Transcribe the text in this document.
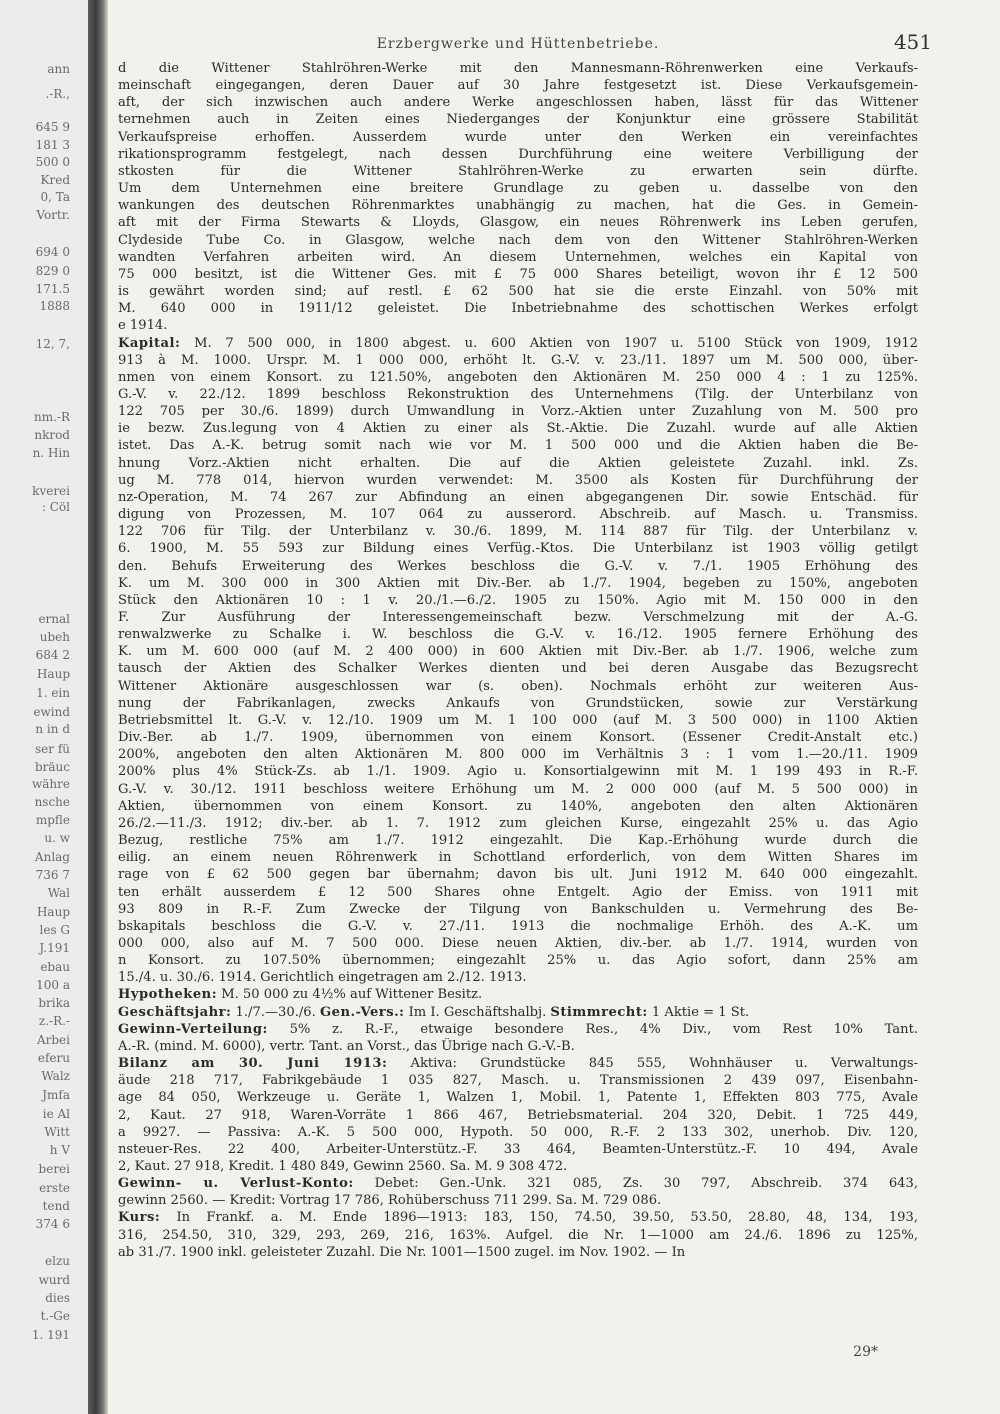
ann
.-R.,
645 9
181 3
500 0
Kred
0, Ta
Vortr.
694 0
829 0
171.5
1888
12, 7,
nm.-R
nkrod
n. Hin
kverei
: Cöl
ernal
ubeh
684 2
Haup
1. ein
ewind
n in d
ser fü
bräuc
währe
nsche
mpfle
u. w
Anlag
736 7
Wal
Haup
les G
J.191
ebau
100 a
brika
z.-R.-
Arbei
eferu
Walz
Jmfa
ie Al
Witt
h V
berei
erste
tend
374 6
elzu
wurd
dies
t.-Ge
1. 191
Erzbergwerke und Hüttenbetriebe.	451

d die Wittener Stahlröhren-Werke mit den Mannesmann-Röhrenwerken eine Verkaufs-
meinschaft eingegangen, deren Dauer auf 30 Jahre festgesetzt ist. Diese Verkaufsgemein-
aft, der sich inzwischen auch andere Werke angeschlossen haben, lässt für das Wittener
ternehmen auch in Zeiten eines Niederganges der Konjunktur eine grössere Stabilität
Verkaufspreise erhoffen. Ausserdem wurde unter den Werken ein vereinfachtes
rikationsprogramm festgelegt, nach dessen Durchführung eine weitere Verbilligung der
stkosten für die Wittener Stahlröhren-Werke zu erwarten sein dürfte.
Um dem Unternehmen eine breitere Grundlage zu geben u. dasselbe von den
wankungen des deutschen Röhrenmarktes unabhängig zu machen, hat die Ges. in Gemein-
aft mit der Firma Stewarts & Lloyds, Glasgow, ein neues Röhrenwerk ins Leben gerufen,
Clydeside Tube Co. in Glasgow, welche nach dem von den Wittener Stahlröhren-Werken
wandten Verfahren arbeiten wird. An diesem Unternehmen, welches ein Kapital von
75 000 besitzt, ist die Wittener Ges. mit £ 75 000 Shares beteiligt, wovon ihr £ 12 500
is gewährt worden sind; auf restl. £ 62 500 hat sie die erste Einzahl. von 50% mit
M. 640 000 in 1911/12 geleistet. Die Inbetriebnahme des schottischen Werkes erfolgt
e 1914.

Kapital: M. 7 500 000, in 1800 abgest. u. 600 Aktien von 1907 u. 5100 Stück von 1909, 1912
913 à M. 1000. Urspr. M. 1 000 000, erhöht lt. G.-V. v. 23./11. 1897 um M. 500 000, über-
nmen von einem Konsort. zu 121.50%, angeboten den Aktionären M. 250 000 4 : 1 zu 125%.
G.-V. v. 22./12. 1899 beschloss Rekonstruktion des Unternehmens (Tilg. der Unterbilanz von
122 705 per 30./6. 1899) durch Umwandlung in Vorz.-Aktien unter Zuzahlung von M. 500 pro
ie bezw. Zus.legung von 4 Aktien zu einer als St.-Aktie. Die Zuzahl. wurde auf alle Aktien
istet. Das A.-K. betrug somit nach wie vor M. 1 500 000 und die Aktien haben die Be-
hnung Vorz.-Aktien nicht erhalten. Die auf die Aktien geleistete Zuzahl. inkl. Zs.
ug M. 778 014, hiervon wurden verwendet: M. 3500 als Kosten für Durchführung der
nz-Operation, M. 74 267 zur Abfindung an einen abgegangenen Dir. sowie Entschäd. für
digung von Prozessen, M. 107 064 zu ausserord. Abschreib. auf Masch. u. Transmiss.
122 706 für Tilg. der Unterbilanz v. 30./6. 1899, M. 114 887 für Tilg. der Unterbilanz v.
6. 1900, M. 55 593 zur Bildung eines Verfüg.-Ktos. Die Unterbilanz ist 1903 völlig getilgt
den. Behufs Erweiterung des Werkes beschloss die G.-V. v. 7./1. 1905 Erhöhung des
K. um M. 300 000 in 300 Aktien mit Div.-Ber. ab 1./7. 1904, begeben zu 150%, angeboten
Stück den Aktionären 10 : 1 v. 20./1.—6./2. 1905 zu 150%. Agio mit M. 150 000 in den
F. Zur Ausführung der Interessengemeinschaft bezw. Verschmelzung mit der A.-G.
renwalzwerke zu Schalke i. W. beschloss die G.-V. v. 16./12. 1905 fernere Erhöhung des
K. um M. 600 000 (auf M. 2 400 000) in 600 Aktien mit Div.-Ber. ab 1./7. 1906, welche zum
tausch der Aktien des Schalker Werkes dienten und bei deren Ausgabe das Bezugsrecht
Wittener Aktionäre ausgeschlossen war (s. oben). Nochmals erhöht zur weiteren Aus-
nung der Fabrikanlagen, zwecks Ankaufs von Grundstücken, sowie zur Verstärkung
Betriebsmittel lt. G.-V. v. 12./10. 1909 um M. 1 100 000 (auf M. 3 500 000) in 1100 Aktien
Div.-Ber. ab 1./7. 1909, übernommen von einem Konsort. (Essener Credit-Anstalt etc.)
200%, angeboten den alten Aktionären M. 800 000 im Verhältnis 3 : 1 vom 1.—20./11. 1909
200% plus 4% Stück-Zs. ab 1./1. 1909. Agio u. Konsortialgewinn mit M. 1 199 493 in R.-F.
G.-V. v. 30./12. 1911 beschloss weitere Erhöhung um M. 2 000 000 (auf M. 5 500 000) in
Aktien, übernommen von einem Konsort. zu 140%, angeboten den alten Aktionären
26./2.—11./3. 1912; div.-ber. ab 1. 7. 1912 zum gleichen Kurse, eingezahlt 25% u. das Agio
Bezug, restliche 75% am 1./7. 1912 eingezahlt. Die Kap.-Erhöhung wurde durch die
eilig. an einem neuen Röhrenwerk in Schottland erforderlich, von dem Witten Shares im
rage von £ 62 500 gegen bar übernahm; davon bis ult. Juni 1912 M. 640 000 eingezahlt.
ten erhält ausserdem £ 12 500 Shares ohne Entgelt. Agio der Emiss. von 1911 mit
93 809 in R.-F. Zum Zwecke der Tilgung von Bankschulden u. Vermehrung des Be-
bskapitals beschloss die G.-V. v. 27./11. 1913 die nochmalige Erhöh. des A.-K. um
000 000, also auf M. 7 500 000. Diese neuen Aktien, div.-ber. ab 1./7. 1914, wurden von
n Konsort. zu 107.50% übernommen; eingezahlt 25% u. das Agio sofort, dann 25% am
15./4. u. 30./6. 1914. Gerichtlich eingetragen am 2./12. 1913.

Hypotheken: M. 50 000 zu 4½% auf Wittener Besitz.

Geschäftsjahr: 1./7.—30./6. Gen.-Vers.: Im I. Geschäftshalbj. Stimmrecht: 1 Aktie = 1 St.

Gewinn-Verteilung: 5% z. R.-F., etwaige besondere Res., 4% Div., vom Rest 10% Tant.
A.-R. (mind. M. 6000), vertr. Tant. an Vorst., das Übrige nach G.-V.-B.

Bilanz am 30. Juni 1913: Aktiva: Grundstücke 845 555, Wohnhäuser u. Verwaltungs-
äude 218 717, Fabrikgebäude 1 035 827, Masch. u. Transmissionen 2 439 097, Eisenbahn-
age 84 050, Werkzeuge u. Geräte 1, Walzen 1, Mobil. 1, Patente 1, Effekten 803 775, Avale
2, Kaut. 27 918, Waren-Vorräte 1 866 467, Betriebsmaterial. 204 320, Debit. 1 725 449,
a 9927. — Passiva: A.-K. 5 500 000, Hypoth. 50 000, R.-F. 2 133 302, unerhob. Div. 120,
nsteuer-Res. 22 400, Arbeiter-Unterstütz.-F. 33 464, Beamten-Unterstütz.-F. 10 494, Avale
2, Kaut. 27 918, Kredit. 1 480 849, Gewinn 2560. Sa. M. 9 308 472.

Gewinn- u. Verlust-Konto: Debet: Gen.-Unk. 321 085, Zs. 30 797, Abschreib. 374 643,
gewinn 2560. — Kredit: Vortrag 17 786, Rohüberschuss 711 299. Sa. M. 729 086.

Kurs: In Frankf. a. M. Ende 1896—1913: 183, 150, 74.50, 39.50, 53.50, 28.80, 48, 134, 193,
316, 254.50, 310, 329, 293, 269, 216, 163%. Aufgel. die Nr. 1—1000 am 24./6. 1896 zu 125%,
ab 31./7. 1900 inkl. geleisteter Zuzahl. Die Nr. 1001—1500 zugel. im Nov. 1902. — In

29*
